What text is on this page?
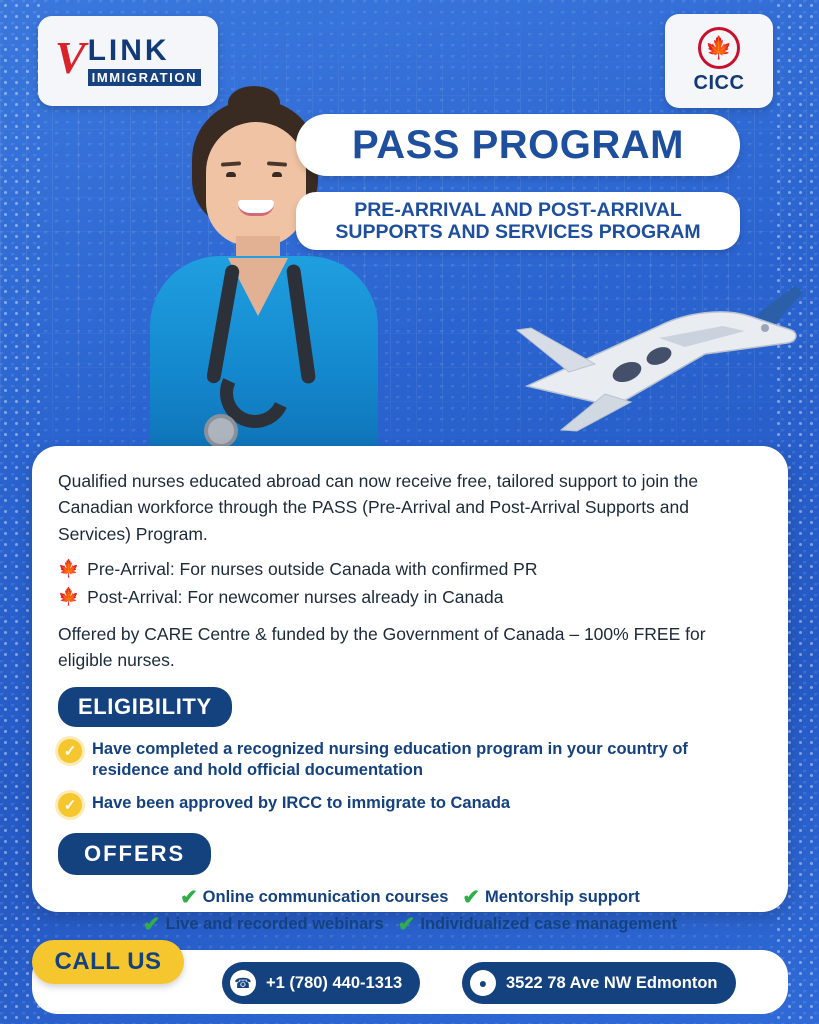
V LINK
IMMIGRATION
🍁
CICC
PASS PROGRAM
PRE-ARRIVAL AND POST-ARRIVAL
SUPPORTS AND SERVICES PROGRAM
Qualified nurses educated abroad can now receive free, tailored support to join the Canadian workforce through the PASS (Pre-Arrival and Post-Arrival Supports and Services) Program.
🍁 Pre-Arrival: For nurses outside Canada with confirmed PR
🍁 Post-Arrival: For newcomer nurses already in Canada
Offered by CARE Centre & funded by the Government of Canada – 100% FREE for eligible nurses.
ELIGIBILITY
✓ Have completed a recognized nursing education program in your country of residence and hold official documentation
✓ Have been approved by IRCC to immigrate to Canada
OFFERS
✔ Online communication courses ✔ Mentorship support
✔ Live and recorded webinars ✔ Individualized case management
CALL US
☎ +1 (780) 440-1313	●	3522 78 Ave NW Edmonton
